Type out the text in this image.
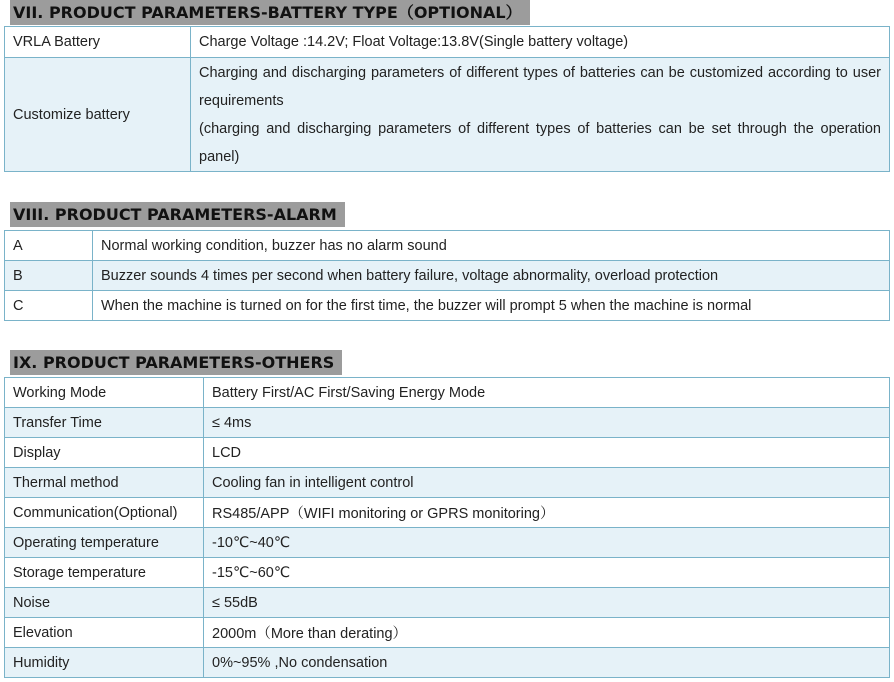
VII. PRODUCT PARAMETERS-BATTERY TYPE（OPTIONAL）
VRLA Battery	Charge Voltage :14.2V; Float Voltage:13.8V(Single battery voltage)
Customize battery	Charging and discharging parameters of different types of batteries can be customized according to user requirements
(charging and discharging parameters of different types of batteries can be set through the operation panel)
VIII. PRODUCT PARAMETERS-ALARM
A	Normal working condition, buzzer has no alarm sound
B	Buzzer sounds 4 times per second when battery failure, voltage abnormality, overload protection
C	When the machine is turned on for the first time, the buzzer will prompt 5 when the machine is normal
IX. PRODUCT PARAMETERS-OTHERS
Working Mode	Battery First/AC First/Saving Energy Mode
Transfer Time	≤ 4ms
Display	LCD
Thermal method	Cooling fan in intelligent control
Communication(Optional)	RS485/APP（WIFI monitoring or GPRS monitoring）
Operating temperature	-10℃~40℃
Storage temperature	-15℃~60℃
Noise	≤ 55dB
Elevation	2000m（More than derating）
Humidity	0%~95% ,No condensation
